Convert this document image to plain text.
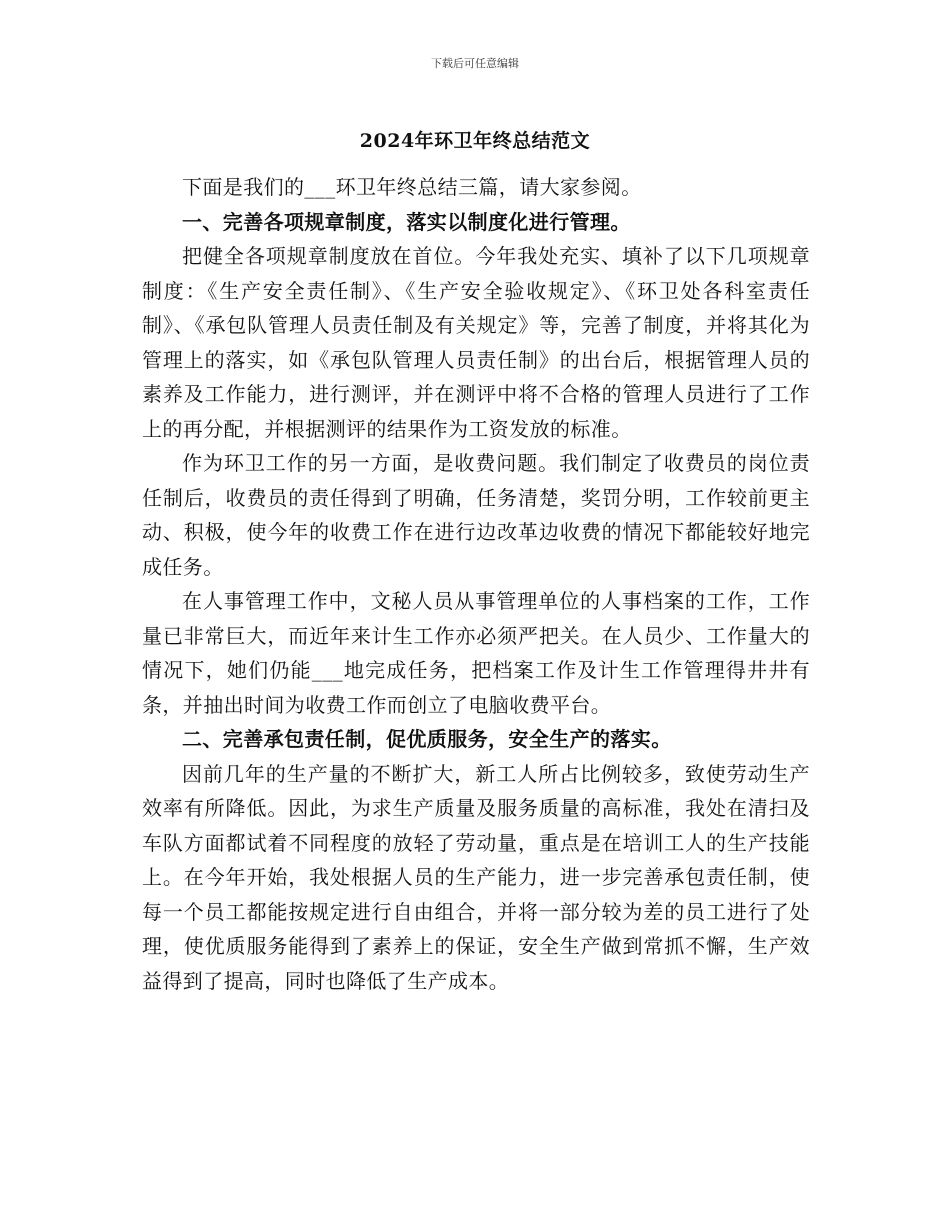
下载后可任意编辑
2024年环卫年终总结范文

下面是我们的___环卫年终总结三篇，请大家参阅。

一、完善各项规章制度，落实以制度化进行管理。

把健全各项规章制度放在首位。今年我处充实、填补了以下几项规章制度：《生产安全责任制》、《生产安全验收规定》、《环卫处各科室责任制》、《承包队管理人员责任制及有关规定》等，完善了制度，并将其化为管理上的落实，如《承包队管理人员责任制》的出台后，根据管理人员的素养及工作能力，进行测评，并在测评中将不合格的管理人员进行了工作上的再分配，并根据测评的结果作为工资发放的标准。

作为环卫工作的另一方面，是收费问题。我们制定了收费员的岗位责任制后，收费员的责任得到了明确，任务清楚，奖罚分明，工作较前更主动、积极，使今年的收费工作在进行边改革边收费的情况下都能较好地完成任务。

在人事管理工作中，文秘人员从事管理单位的人事档案的工作，工作量已非常巨大，而近年来计生工作亦必须严把关。在人员少、工作量大的情况下，她们仍能___地完成任务，把档案工作及计生工作管理得井井有条，并抽出时间为收费工作而创立了电脑收费平台。

二、完善承包责任制，促优质服务，安全生产的落实。

因前几年的生产量的不断扩大，新工人所占比例较多，致使劳动生产效率有所降低。因此，为求生产质量及服务质量的高标准，我处在清扫及车队方面都试着不同程度的放轻了劳动量，重点是在培训工人的生产技能上。在今年开始，我处根据人员的生产能力，进一步完善承包责任制，使每一个员工都能按规定进行自由组合，并将一部分较为差的员工进行了处理，使优质服务能得到了素养上的保证，安全生产做到常抓不懈，生产效益得到了提高，同时也降低了生产成本。
